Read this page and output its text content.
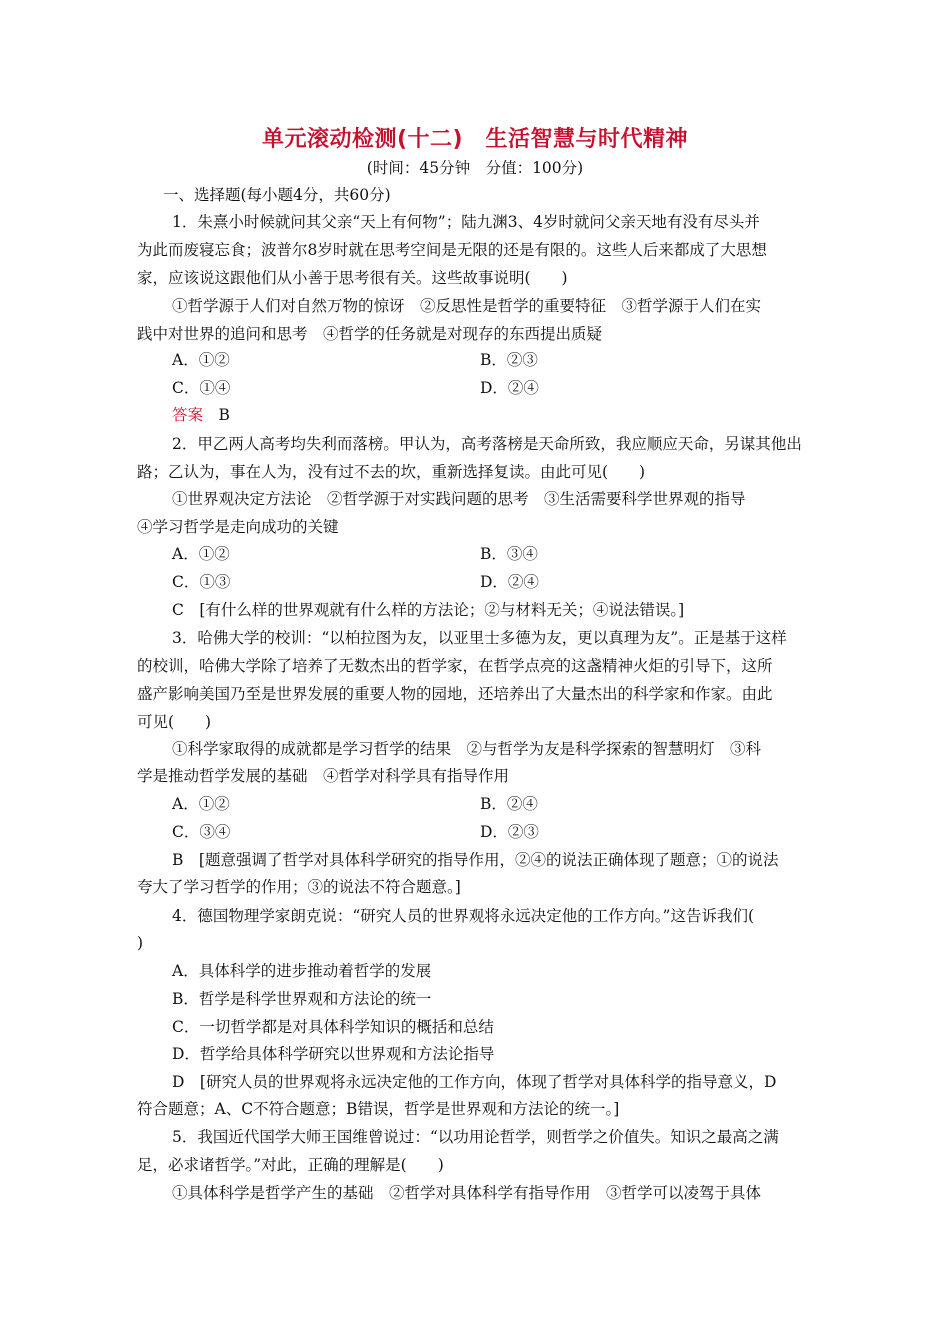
单元滚动检测(十二)　生活智慧与时代精神
(时间：45分钟　分值：100分)
一、选择题(每小题4分，共60分)
1．朱熹小时候就问其父亲“天上有何物”；陆九渊3、4岁时就问父亲天地有没有尽头并
为此而废寝忘食；波普尔8岁时就在思考空间是无限的还是有限的。这些人后来都成了大思想
家，应该说这跟他们从小善于思考很有关。这些故事说明(　　)
①哲学源于人们对自然万物的惊讶　②反思性是哲学的重要特征　③哲学源于人们在实
践中对世界的追问和思考　④哲学的任务就是对现存的东西提出质疑
A．①②	B．②③
C．①④	D．②④
答案　 B
2．甲乙两人高考均失利而落榜。甲认为，高考落榜是天命所致，我应顺应天命，另谋其他出
路；乙认为，事在人为，没有过不去的坎，重新选择复读。由此可见(　　)
①世界观决定方法论　②哲学源于对实践问题的思考　③生活需要科学世界观的指导
④学习哲学是走向成功的关键
A．①②	B．③④
C．①③	D．②④
C　[有什么样的世界观就有什么样的方法论；②与材料无关；④说法错误。]
3．哈佛大学的校训：“以柏拉图为友，以亚里士多德为友，更以真理为友”。正是基于这样
的校训，哈佛大学除了培养了无数杰出的哲学家，在哲学点亮的这盏精神火炬的引导下，这所
盛产影响美国乃至是世界发展的重要人物的园地，还培养出了大量杰出的科学家和作家。由此
可见(　　)
①科学家取得的成就都是学习哲学的结果　②与哲学为友是科学探索的智慧明灯　③科
学是推动哲学发展的基础　④哲学对科学具有指导作用
A．①②	B．②④
C．③④	D．②③
B　[题意强调了哲学对具体科学研究的指导作用，②④的说法正确体现了题意；①的说法
夸大了学习哲学的作用；③的说法不符合题意。]
4．德国物理学家朗克说：“研究人员的世界观将永远决定他的工作方向。”这告诉我们(
)
A．具体科学的进步推动着哲学的发展
B．哲学是科学世界观和方法论的统一
C．一切哲学都是对具体科学知识的概括和总结
D．哲学给具体科学研究以世界观和方法论指导
D　[研究人员的世界观将永远决定他的工作方向，体现了哲学对具体科学的指导意义，D
符合题意；A、C不符合题意；B错误，哲学是世界观和方法论的统一。]
5．我国近代国学大师王国维曾说过：“以功用论哲学，则哲学之价值失。知识之最高之满
足，必求诸哲学。”对此，正确的理解是(　　)
①具体科学是哲学产生的基础　②哲学对具体科学有指导作用　③哲学可以凌驾于具体
